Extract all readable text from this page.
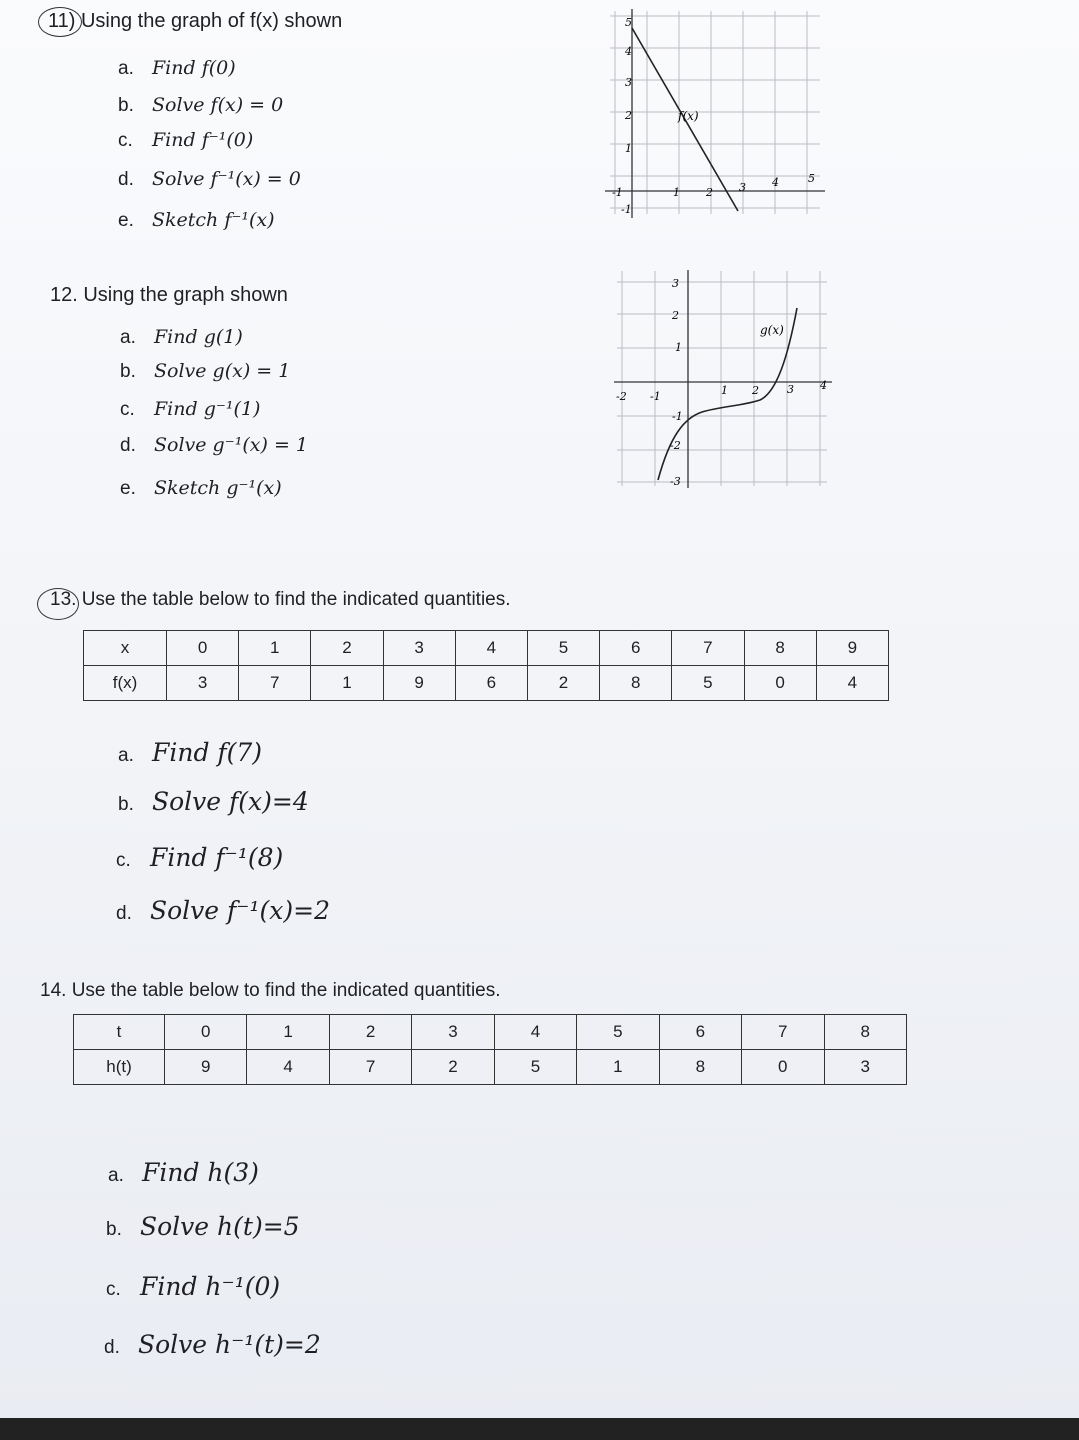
11) Using the graph of f(x) shown
a. Find f(0)
b. Solve f(x) = 0
c. Find f⁻¹(0)
d. Solve f⁻¹(x) = 0
e. Sketch f⁻¹(x)
f(x)
-1	1 2 3 4	5
5
4
3
2
1
-1
12. Using the graph shown
a. Find g(1)
b. Solve g(x) = 1
c. Find g⁻¹(1)
d. Solve g⁻¹(x) = 1
e. Sketch g⁻¹(x)
g(x)
-2 -1	1 2	3 4
3
2
1
-1
-2
-3
13. Use the table below to find the indicated quantities.
x	0	1	2	3	4	5	6	7	8	9
f(x)	3	7	1	9	6	2	8	5	0	4
a. Find f(7)
b. Solve f(x)=4
c. Find f⁻¹(8)
d. Solve f⁻¹(x)=2
14. Use the table below to find the indicated quantities.
t	0	1	2	3	4	5	6	7	8
h(t)	9	4	7	2	5	1	8	0	3
a. Find h(3)
b. Solve h(t)=5
c. Find h⁻¹(0)
d. Solve h⁻¹(t)=2
